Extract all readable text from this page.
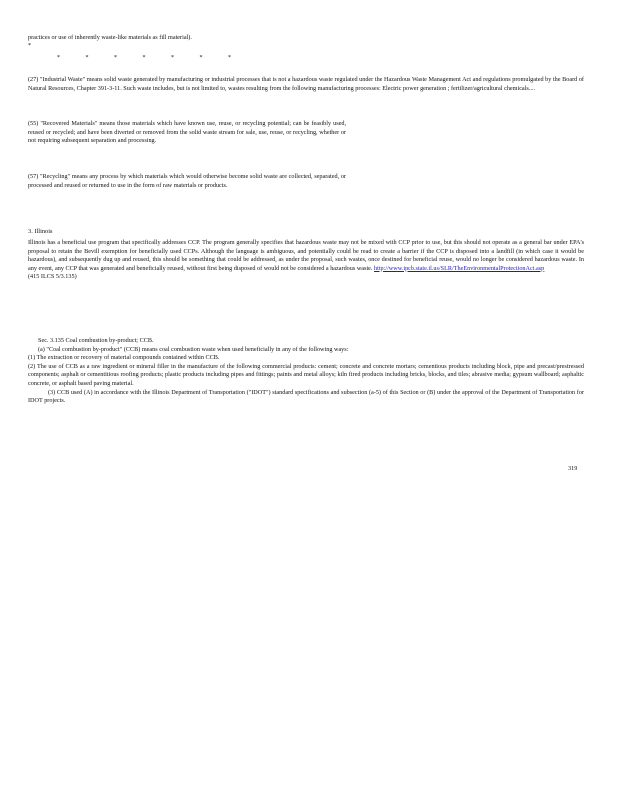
practices or use of inherently waste-like materials as fill material).

*

*	*	*	*	*	*	*

(27) "Industrial Waste" means solid waste generated by manufacturing or industrial processes that is not a hazardous waste regulated under the Hazardous Waste Management Act and regulations promulgated by the Board of Natural Resources, Chapter 391-3-11. Such waste includes, but is not limited to, wastes resulting from the following manufacturing processes: Electric power generation ; fertilizer/agricultural chemicals....

(55) "Recovered Materials" means those materials which have known use, reuse, or recycling potential; can be feasibly used, reused or recycled; and have been diverted or removed from the solid waste stream for sale, use, reuse, or recycling, whether or not requiring subsequent separation and processing.

(57) "Recycling" means any process by which materials which would otherwise become solid waste are collected, separated, or processed and reused or returned to use in the form of raw materials or products.

3. Illinois

Illinois has a beneficial use program that specifically addresses CCP. The program generally specifies that hazardous waste may not be mixed with CCP prior to use, but this should not operate as a general bar under EPA's proposal to retain the Bevill exemption for beneficially used CCPs. Although the language is ambiguous, and potentially could be read to create a barrier if the CCP is disposed into a landfill (in which case it would be hazardous), and subsequently dug up and reused, this should be something that could be addressed, as under the proposal, such wastes, once destined for beneficial reuse, would no longer be considered hazardous waste. In any event, any CCP that was generated and beneficially reused, without first being disposed of would not be considered a hazardous waste. http://www.ipcb.state.il.us/SLR/TheEnvironmentalProtectionAct.asp

(415 ILCS 5/3.135)

Sec. 3.135 Coal combustion by-product; CCB.

(a) "Coal combustion by-product" (CCB) means coal combustion waste when used beneficially in any of the following ways:

(1) The extraction or recovery of material compounds contained within CCB.

(2) The use of CCB as a raw ingredient or mineral filler in the manufacture of the following commercial products: cement; concrete and concrete mortars; cementious products including block, pipe and precast/prestressed components; asphalt or cementitious roofing products; plastic products including pipes and fittings; paints and metal alloys; kiln fired products including bricks, blocks, and tiles; abrasive media; gypsum wallboard; asphaltic concrete, or asphalt based paving material.

(3) CCB used (A) in accordance with the Illinois Department of Transportation ("IDOT") standard specifications and subsection (a-5) of this Section or (B) under the approval of the Department of Transportation for IDOT projects.

319
